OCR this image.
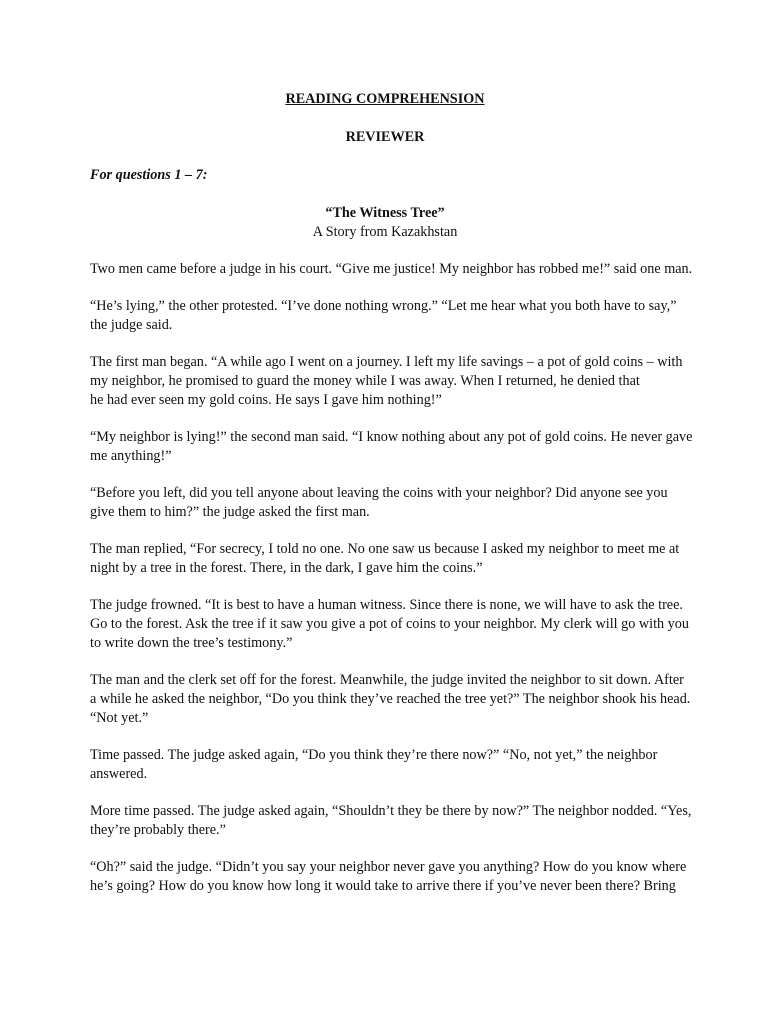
READING COMPREHENSION

REVIEWER

For questions 1 – 7:

“The Witness Tree”

A Story from Kazakhstan

Two men came before a judge in his court. “Give me justice! My neighbor has robbed me!” said one man.

“He’s lying,” the other protested. “I’ve done nothing wrong.” “Let me hear what you both have to say,”
the judge said.

The first man began. “A while ago I went on a journey. I left my life savings – a pot of gold coins – with
my neighbor, he promised to guard the money while I was away. When I returned, he denied that
he had ever seen my gold coins. He says I gave him nothing!”

“My neighbor is lying!” the second man said. “I know nothing about any pot of gold coins. He never gave
me anything!”

“Before you left, did you tell anyone about leaving the coins with your neighbor? Did anyone see you
give them to him?” the judge asked the first man.

The man replied, “For secrecy, I told no one. No one saw us because I asked my neighbor to meet me at
night by a tree in the forest. There, in the dark, I gave him the coins.”

The judge frowned. “It is best to have a human witness. Since there is none, we will have to ask the tree.
Go to the forest. Ask the tree if it saw you give a pot of coins to your neighbor. My clerk will go with you
to write down the tree’s testimony.”

The man and the clerk set off for the forest. Meanwhile, the judge invited the neighbor to sit down. After
a while he asked the neighbor, “Do you think they’ve reached the tree yet?” The neighbor shook his head.
“Not yet.”

Time passed. The judge asked again, “Do you think they’re there now?” “No, not yet,” the neighbor
answered.

More time passed. The judge asked again, “Shouldn’t they be there by now?” The neighbor nodded. “Yes,
they’re probably there.”

“Oh?” said the judge. “Didn’t you say your neighbor never gave you anything? How do you know where
he’s going? How do you know how long it would take to arrive there if you’ve never been there? Bring
